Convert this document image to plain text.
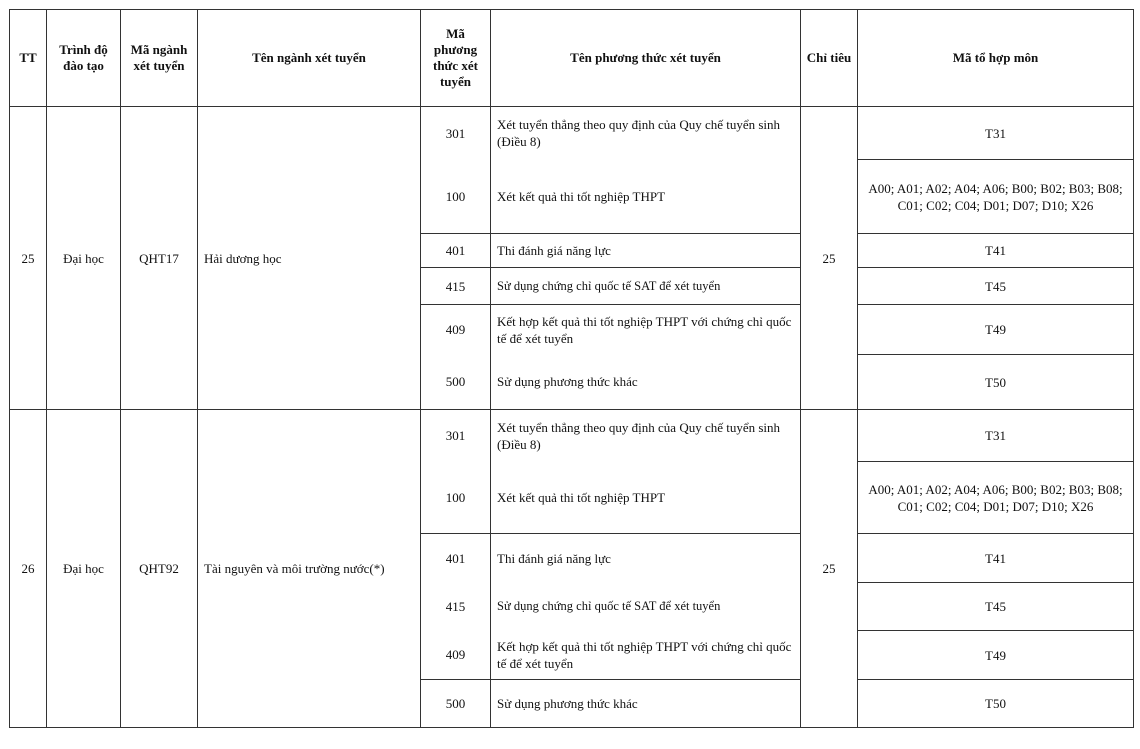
TT	Trình độ đào tạo	Mã ngành xét tuyển	Tên ngành xét tuyển	Mã phương thức xét tuyển	Tên phương thức xét tuyển	Chỉ tiêu	Mã tổ hợp môn
25	Đại học	QHT17	Hải dương học	301	Xét tuyển thẳng theo quy định của Quy chế tuyển sinh (Điều 8)	25	T31
				100	Xét kết quả thi tốt nghiệp THPT		A00; A01; A02; A04; A06; B00; B02; B03; B08; C01; C02; C04; D01; D07; D10; X26
				401	Thi đánh giá năng lực		T41
				415	Sử dụng chứng chỉ quốc tế SAT để xét tuyển		T45
				409	Kết hợp kết quả thi tốt nghiệp THPT với chứng chỉ quốc tế để xét tuyển		T49
				500	Sử dụng phương thức khác		T50
26	Đại học	QHT92	Tài nguyên và môi trường nước(*)	301	Xét tuyển thẳng theo quy định của Quy chế tuyển sinh (Điều 8)	25	T31
				100	Xét kết quả thi tốt nghiệp THPT		A00; A01; A02; A04; A06; B00; B02; B03; B08; C01; C02; C04; D01; D07; D10; X26
				401	Thi đánh giá năng lực		T41
				415	Sử dụng chứng chỉ quốc tế SAT để xét tuyển		T45
				409	Kết hợp kết quả thi tốt nghiệp THPT với chứng chỉ quốc tế để xét tuyển		T49
				500	Sử dụng phương thức khác		T50
